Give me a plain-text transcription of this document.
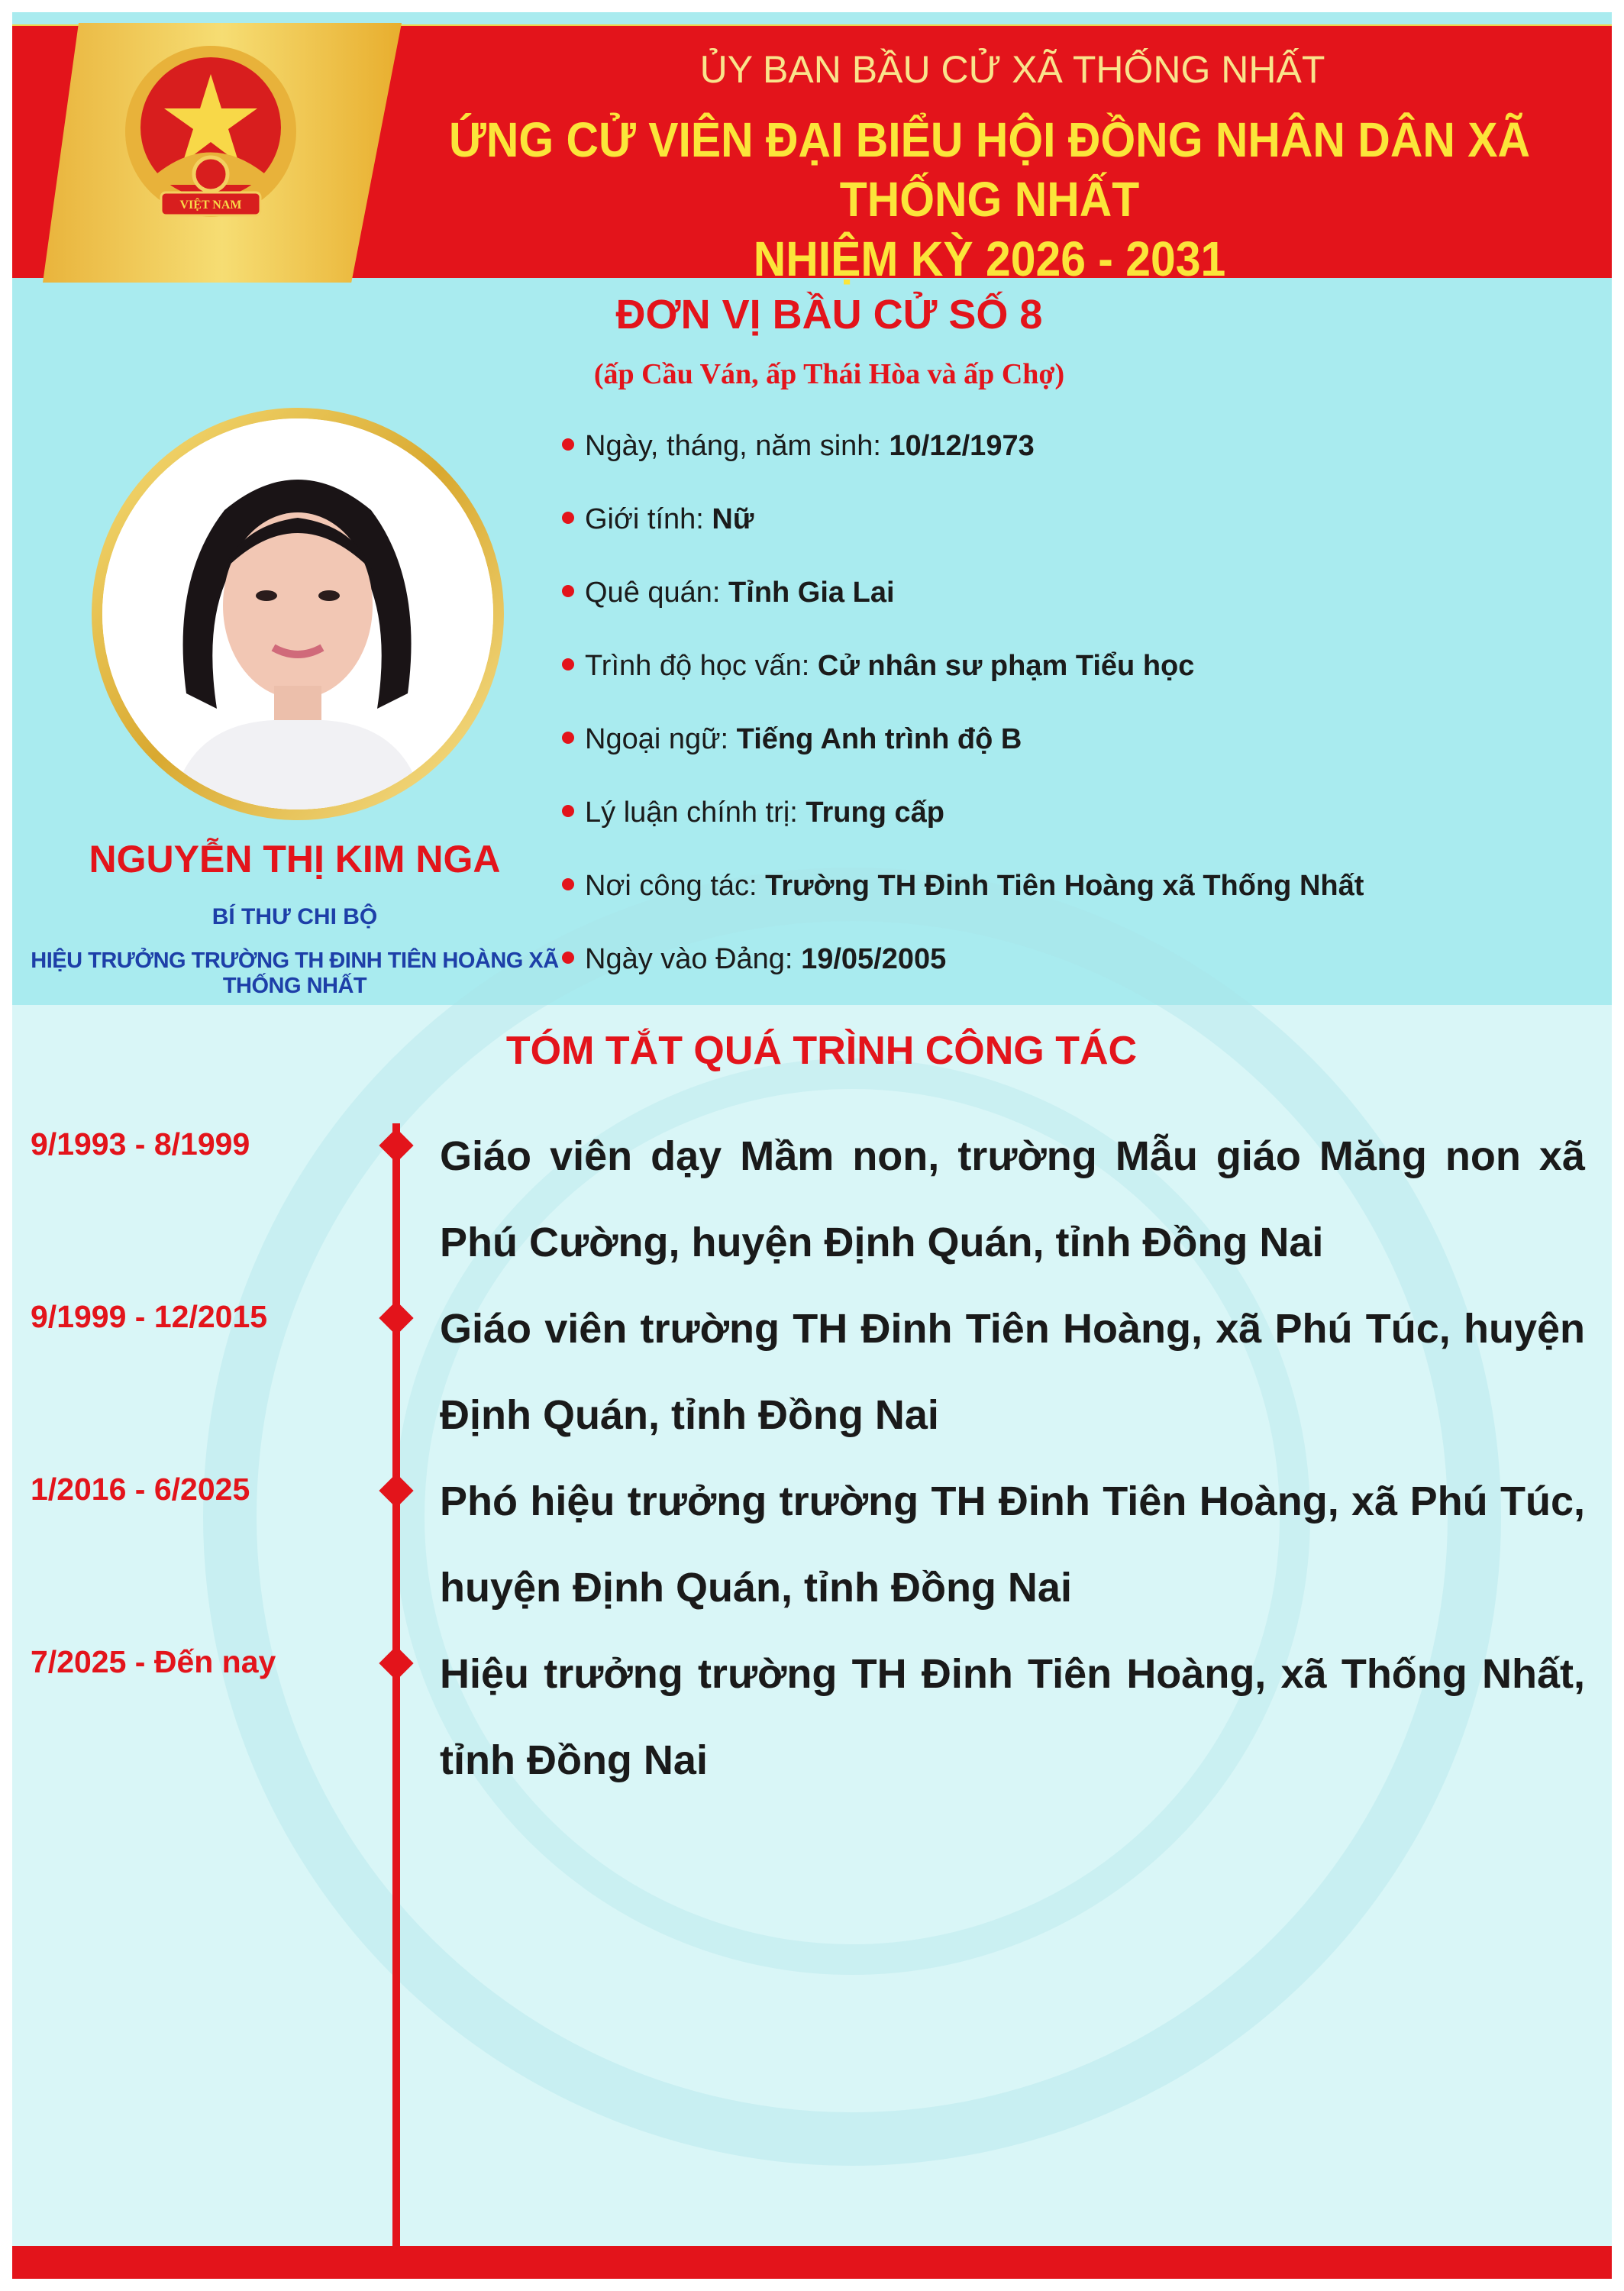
VIỆT NAM
ỦY BAN BẦU CỬ XÃ THỐNG NHẤT
ỨNG CỬ VIÊN ĐẠI BIỂU HỘI ĐỒNG NHÂN DÂN XÃ THỐNG NHẤT
NHIỆM KỲ 2026 - 2031
ĐƠN VỊ BẦU CỬ SỐ 8
(ấp Cầu Ván, ấp Thái Hòa và ấp Chợ)
NGUYỄN THỊ KIM NGA
BÍ THƯ CHI BỘ
HIỆU TRƯỞNG TRƯỜNG TH ĐINH TIÊN HOÀNG XÃ THỐNG NHẤT
Ngày, tháng, năm sinh: 10/12/1973
Giới tính: Nữ
Quê quán: Tỉnh Gia Lai
Trình độ học vấn: Cử nhân sư phạm Tiểu học
Ngoại ngữ: Tiếng Anh trình độ B
Lý luận chính trị: Trung cấp
Nơi công tác: Trường TH Đinh Tiên Hoàng xã Thống Nhất
Ngày vào Đảng: 19/05/2005
TÓM TẮT QUÁ TRÌNH CÔNG TÁC
9/1993 - 8/1999	Giáo viên dạy Mầm non, trường Mẫu giáo Măng non xã Phú Cường, huyện Định Quán, tỉnh Đồng Nai
9/1999 - 12/2015	Giáo viên trường TH Đinh Tiên Hoàng, xã Phú Túc, huyện Định Quán, tỉnh Đồng Nai
1/2016 - 6/2025	Phó hiệu trưởng trường TH Đinh Tiên Hoàng, xã Phú Túc, huyện Định Quán, tỉnh Đồng Nai
7/2025 - Đến nay	Hiệu trưởng trường TH Đinh Tiên Hoàng, xã Thống Nhất, tỉnh Đồng Nai
